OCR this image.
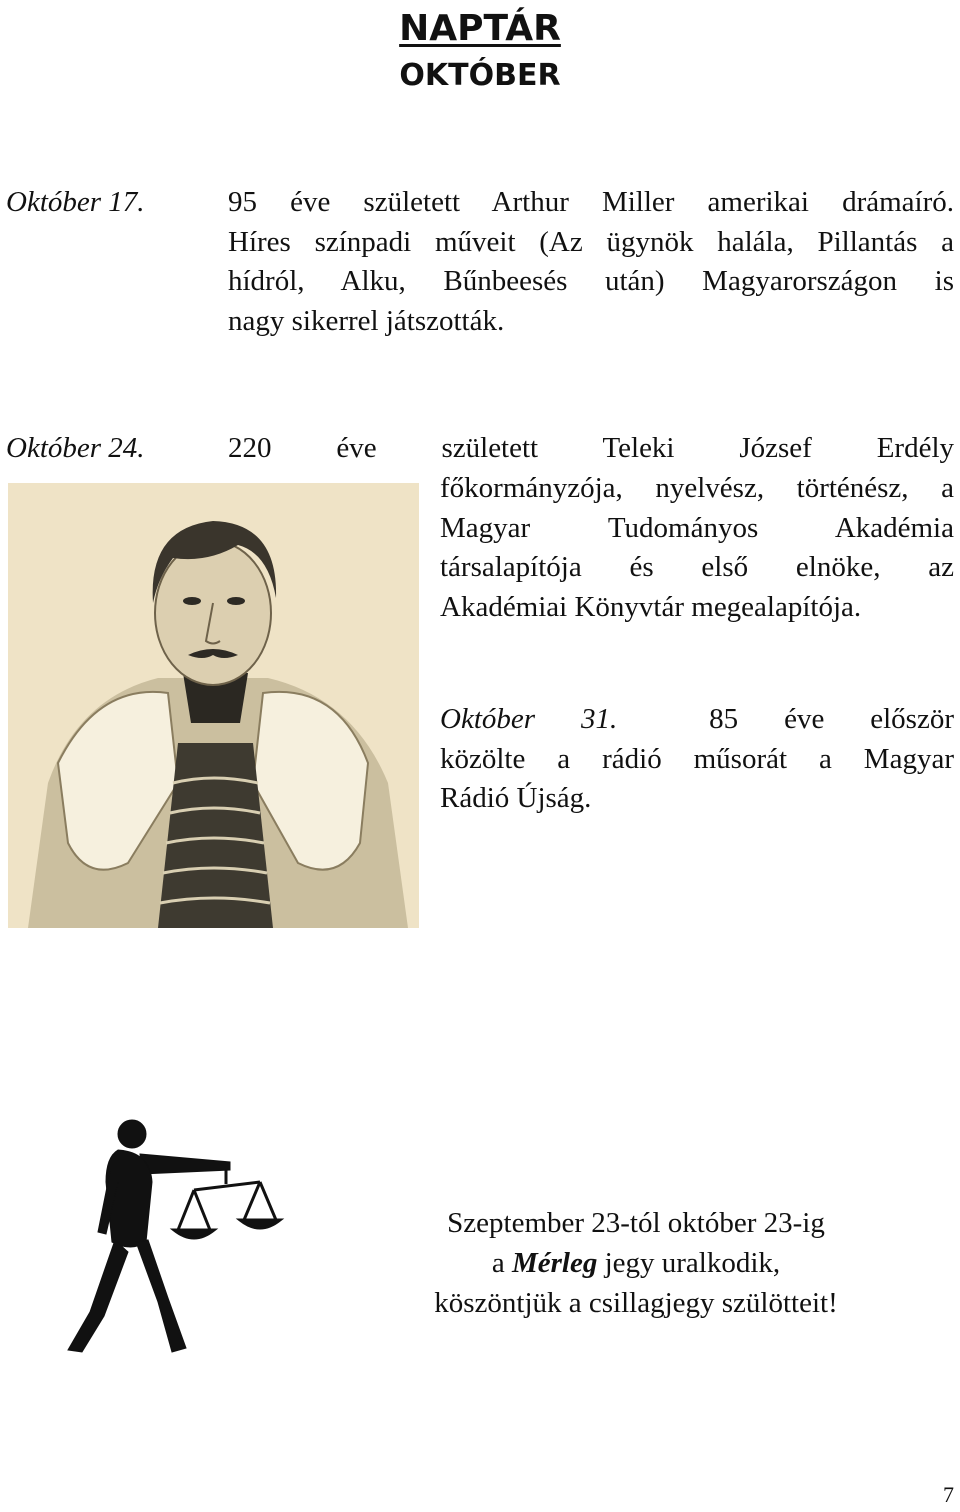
NAPTÁR
OKTÓBER

Október 17.	95 éve született Arthur Miller amerikai drámaíró.
Híres színpadi műveit (Az ügynök halála, Pillantás a
hídról, Alku, Bűnbeesés után) Magyarországon is
nagy sikerrel játszották.

Október 24.	220 éve született Teleki József Erdély
főkormányzója, nyelvész, történész, a
Magyar Tudományos Akadémia
társalapítója és első elnöke, az
Akadémiai Könyvtár megealapítója.
Október 31.	85 éve először
közölte a rádió műsorát a Magyar
Rádió Újság.
Szeptember 23-tól október 23-ig
a Mérleg jegy uralkodik,
köszöntjük a csillagjegy szülötteit!
7
